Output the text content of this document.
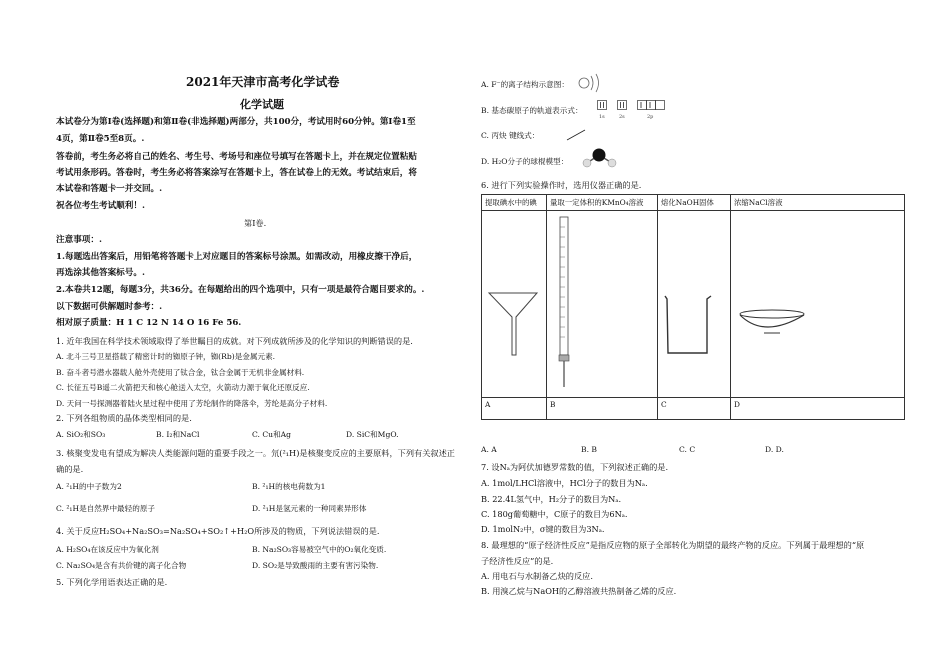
2021年天津市高考化学试卷
化学试题
本试卷分为第Ⅰ卷(选择题)和第Ⅱ卷(非选择题)两部分，共100分，考试用时60分钟。第Ⅰ卷1至
4页，第Ⅱ卷5至8页。.
答卷前，考生务必将自己的姓名、考生号、考场号和座位号填写在答题卡上，并在规定位置粘贴
考试用条形码。答卷时，考生务必将答案涂写在答题卡上，答在试卷上的无效。考试结束后，将
本试卷和答题卡一并交回。.
祝各位考生考试顺利！.
第Ⅰ卷.
注意事项：.
1.每题选出答案后，用铅笔将答题卡上对应题目的答案标号涂黑。如需改动，用橡皮擦干净后，
再选涂其他答案标号。.
2.本卷共12题，每题3分，共36分。在每题给出的四个选项中，只有一项是最符合题目要求的。.
以下数据可供解题时参考：.
相对原子质量：H 1 C 12 N 14 O 16 Fe 56.
1. 近年我国在科学技术领域取得了举世瞩目的成就。对下列成就所涉及的化学知识的判断错误的是.
A. 北斗三号卫星搭载了精密计时的铷原子钟，铷(Rb)是金属元素.
B. 奋斗者号潜水器载人舱外壳使用了钛合金，钛合金属于无机非金属材料.
C. 长征五号B遥二火箭把天和核心舱送入太空，火箭动力源于氧化还原反应.
D. 天问一号探测器着陆火星过程中使用了芳纶制作的降落伞，芳纶是高分子材料.
2. 下列各组物质的晶体类型相同的是.
A. SiO₂和SO₃	B. I₂和NaCl	C. Cu和Ag	D. SiC和MgO.
3. 核聚变发电有望成为解决人类能源问题的重要手段之一。氘(²₁H)是核聚变反应的主要原料，下列有关叙述正
确的是.
A. ²₁H的中子数为2	B. ²₁H的核电荷数为1
C. ²₁H是自然界中最轻的原子	D. ²₁H是氢元素的一种同素异形体
4. 关于反应H₂SO₄+Na₂SO₃=Na₂SO₄+SO₂↑+H₂O所涉及的物质，下列说法错误的是.
A. H₂SO₄在该反应中为氧化剂	B. Na₂SO₃容易被空气中的O₂氧化变质.
C. Na₂SO₄是含有共价键的离子化合物	D. SO₂是导致酸雨的主要有害污染物.
5. 下列化学用语表达正确的是.
A. F⁻的离子结构示意图：
B. 基态碳原子的轨道表示式：
1s	2s	2p
C. 丙炔 键线式：
D. H₂O分子的球棍模型：
6. 进行下列实验操作时，选用仪器正确的是.
提取碘水中的碘	量取一定体积的KMnO₄溶液	熔化NaOH固体	浓缩NaCl溶液

A	B	C	D
A. A	B. B	C. C	D. D.
7. 设Nₐ为阿伏加德罗常数的值，下列叙述正确的是.
A. 1mol/LHCl溶液中，HCl分子的数目为Nₐ.
B. 22.4L氢气中，H₂分子的数目为Nₐ.
C. 180g葡萄糖中，C原子的数目为6Nₐ.
D. 1molN₂中，σ键的数目为3Nₐ.
8. 最理想的“原子经济性反应”是指反应物的原子全部转化为期望的最终产物的反应。下列属于最理想的“原
子经济性反应”的是.
A. 用电石与水制备乙炔的反应.
B. 用溴乙烷与NaOH的乙醇溶液共热制备乙烯的反应.
